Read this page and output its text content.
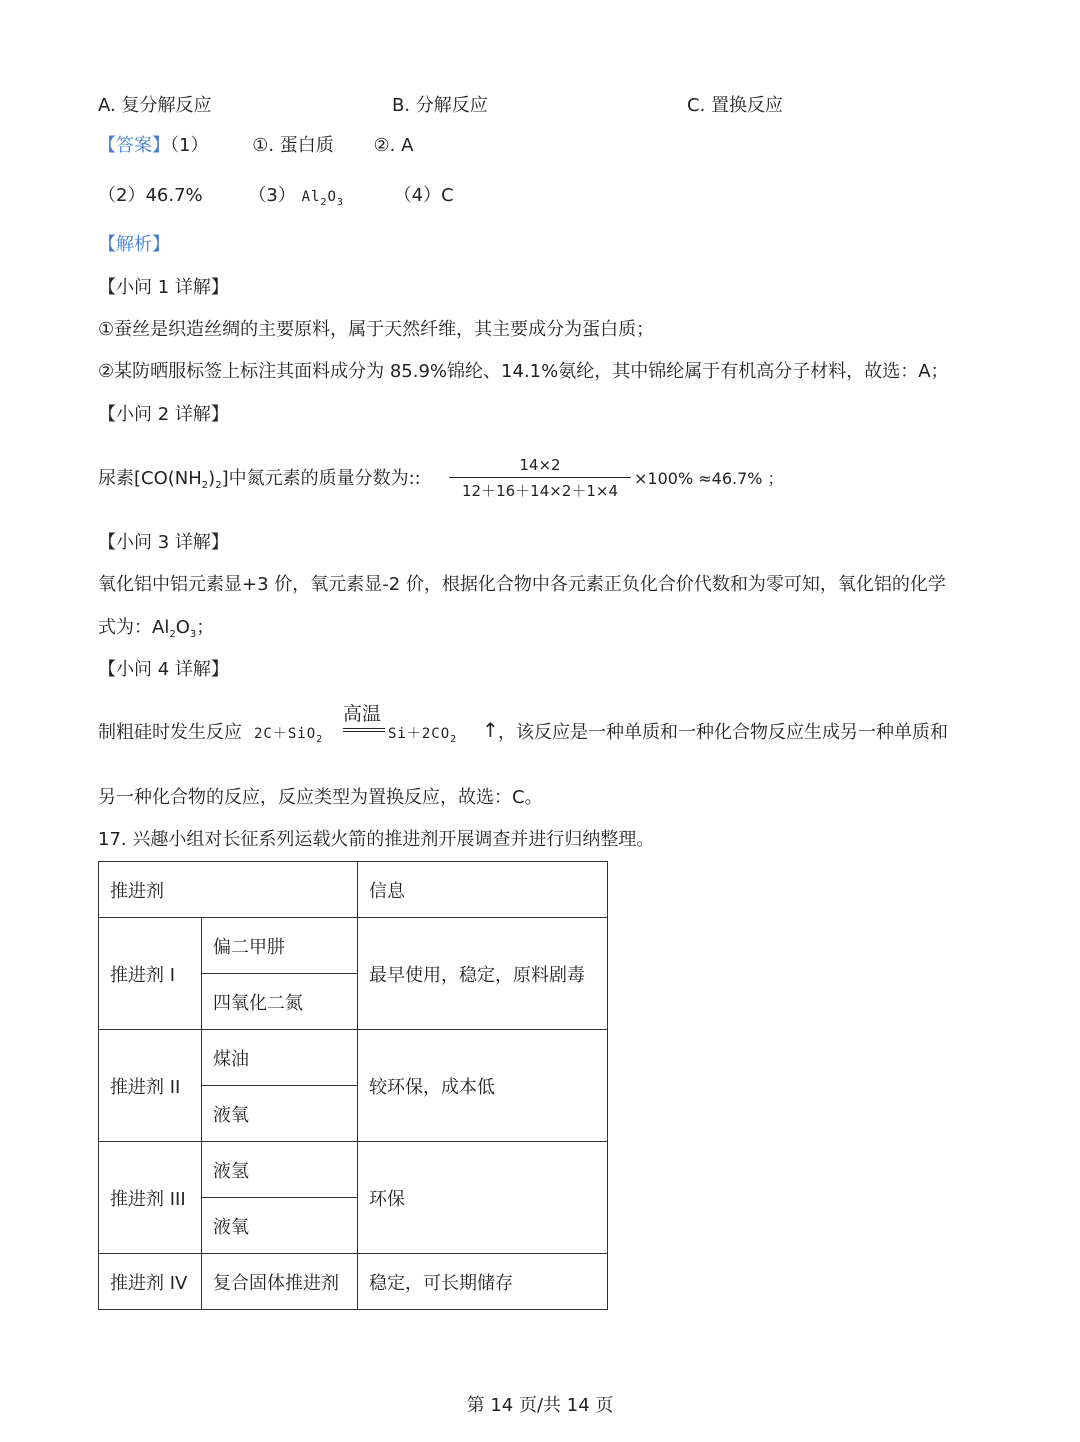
A. 复分解反应	B. 分解反应	C. 置换反应
【答案】（1） ①. 蛋白质 ②. A
（2）46.7%	（3） $Al_2O_3$	（4）C
【解析】
【小问 1 详解】
①蚕丝是织造丝绸的主要原料，属于天然纤维，其主要成分为蛋白质；
②某防晒服标签上标注其面料成分为 85.9%锦纶、14.1%氨纶，其中锦纶属于有机高分子材料，故选：A；
【小问 2 详解】
尿素$[CO(NH_2)_2]$中氮元素的质量分数为::
14×2
12＋16＋14×2＋1×4
×100% ≈46.7% ；
【小问 3 详解】
氧化铝中铝元素显+3 价，氧元素显-2 价，根据化合物中各元素正负化合价代数和为零可知，氧化铝的化学
式为：$Al_2O_3$；
【小问 4 详解】
制粗硅时发生反应 2C＋SiO$_2$
高温
$Si+2CO_2$ ↑ ，该反应是一种单质和一种化合物反应生成另一种单质和
另一种化合物的反应，反应类型为置换反应，故选：C。
17. 兴趣小组对长征系列运载火箭的推进剂开展调查并进行归纳整理。
推进剂		信息
推进剂 I	偏二甲肼	最早使用，稳定，原料剧毒
	四氧化二氮	
推进剂 II	煤油	较环保，成本低
	液氧	
推进剂 III	液氢	环保
	液氧	
推进剂 IV	复合固体推进剂	稳定，可长期储存
第 14 页/共 14 页
